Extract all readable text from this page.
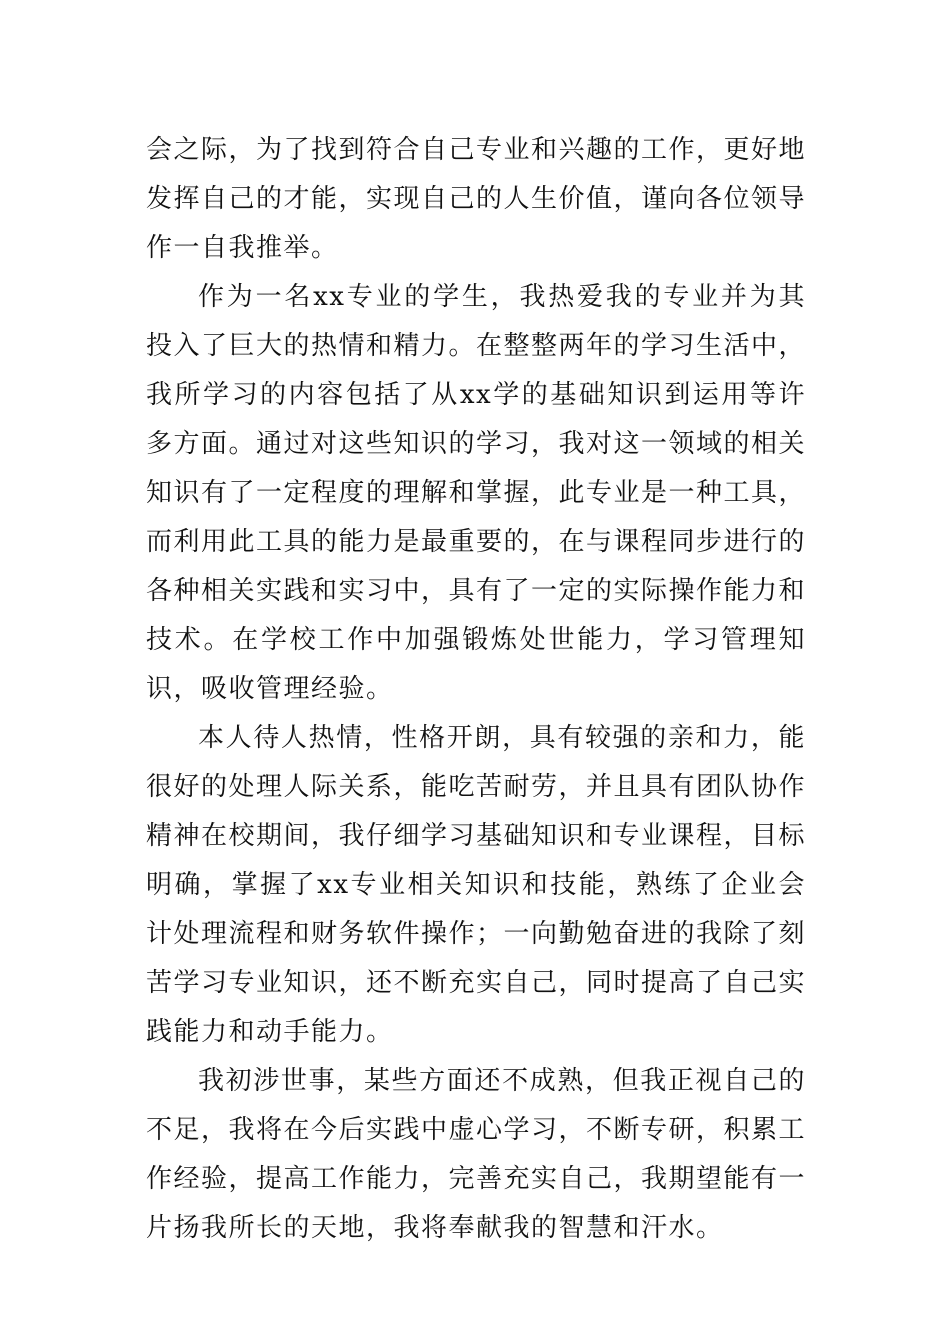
会之际，为了找到符合自己专业和兴趣的工作，更好地发挥自己的才能，实现自己的人生价值，谨向各位领导作一自我推举。

作为一名xx专业的学生，我热爱我的专业并为其投入了巨大的热情和精力。在整整两年的学习生活中，我所学习的内容包括了从xx学的基础知识到运用等许多方面。通过对这些知识的学习，我对这一领域的相关知识有了一定程度的理解和掌握，此专业是一种工具，而利用此工具的能力是最重要的，在与课程同步进行的各种相关实践和实习中，具有了一定的实际操作能力和技术。在学校工作中加强锻炼处世能力，学习管理知识，吸收管理经验。

本人待人热情，性格开朗，具有较强的亲和力，能很好的处理人际关系，能吃苦耐劳，并且具有团队协作精神在校期间，我仔细学习基础知识和专业课程，目标明确，掌握了xx专业相关知识和技能，熟练了企业会计处理流程和财务软件操作；一向勤勉奋进的我除了刻苦学习专业知识，还不断充实自己，同时提高了自己实践能力和动手能力。

我初涉世事，某些方面还不成熟，但我正视自己的不足，我将在今后实践中虚心学习，不断专研，积累工作经验，提高工作能力，完善充实自己，我期望能有一片扬我所长的天地，我将奉献我的智慧和汗水。
